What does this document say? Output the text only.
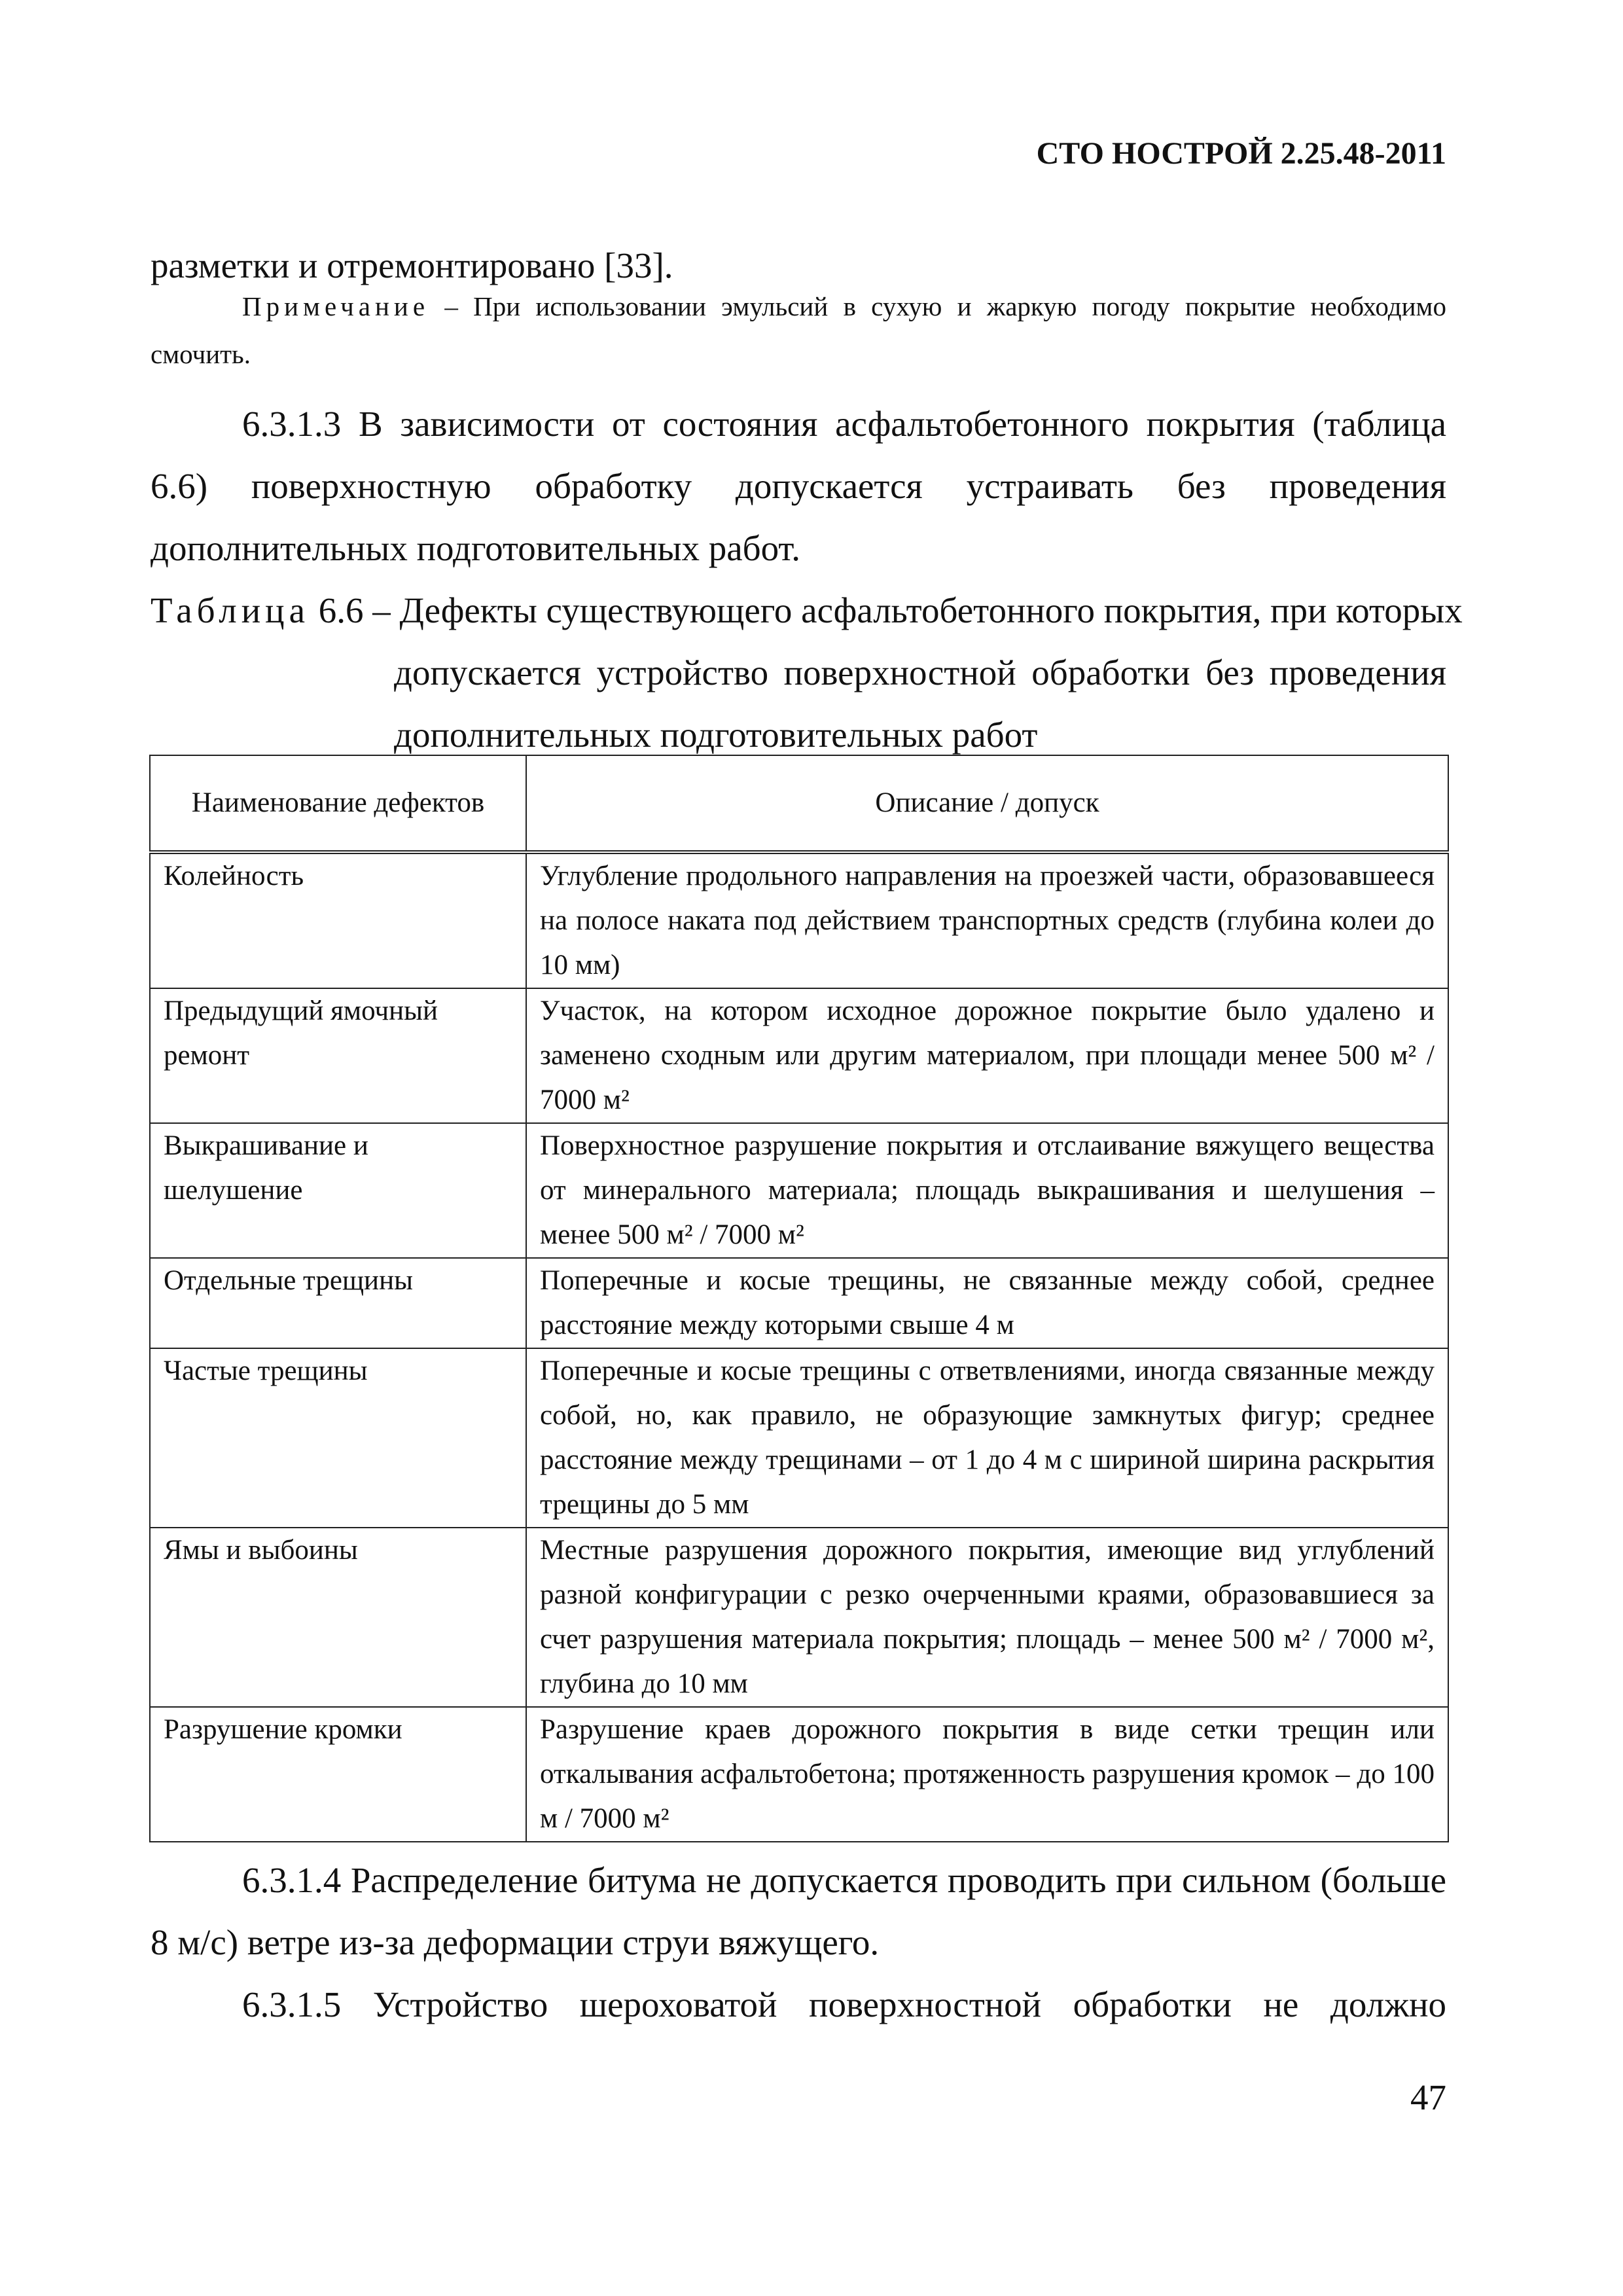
СТО НОСТРОЙ 2.25.48-2011
разметки и отремонтировано [33].
Примечание – При использовании эмульсий в сухую и жаркую погоду покрытие необходимо смочить.
6.3.1.3 В зависимости от состояния асфальтобетонного покрытия (таблица 6.6) поверхностную обработку допускается устраивать без проведения дополнительных подготовительных работ.
Таблица 6.6 – Дефекты существующего асфальтобетонного покрытия, при которых
допускается устройство поверхностной обработки без проведения дополнительных подготовительных работ
Наименование дефектов	Описание / допуск
Колейность	Углубление продольного направления на проезжей части, образовавшееся на полосе наката под действием транспортных средств (глубина колеи до 10 мм)
Предыдущий ямочный ремонт	Участок, на котором исходное дорожное покрытие было удалено и заменено сходным или другим материалом, при площади менее 500 м² / 7000 м²
Выкрашивание и шелушение	Поверхностное разрушение покрытия и отслаивание вяжущего вещества от минерального материала; площадь выкрашивания и шелушения – менее 500 м² / 7000 м²
Отдельные трещины	Поперечные и косые трещины, не связанные между собой, среднее расстояние между которыми свыше 4 м
Частые трещины	Поперечные и косые трещины с ответвлениями, иногда связанные между собой, но, как правило, не образующие замкнутых фигур; среднее расстояние между трещинами – от 1 до 4 м с шириной ширина раскрытия трещины до 5 мм
Ямы и выбоины	Местные разрушения дорожного покрытия, имеющие вид углублений разной конфигурации с резко очерченными краями, образовавшиеся за счет разрушения материала покрытия; площадь – менее 500 м² / 7000 м², глубина до 10 мм
Разрушение кромки	Разрушение краев дорожного покрытия в виде сетки трещин или откалывания асфальтобетона; протяженность разрушения кромок – до 100 м / 7000 м²
6.3.1.4 Распределение битума не допускается проводить при сильном (больше 8 м/с) ветре из-за деформации струи вяжущего.
6.3.1.5 Устройство шероховатой поверхностной обработки не должно
47
